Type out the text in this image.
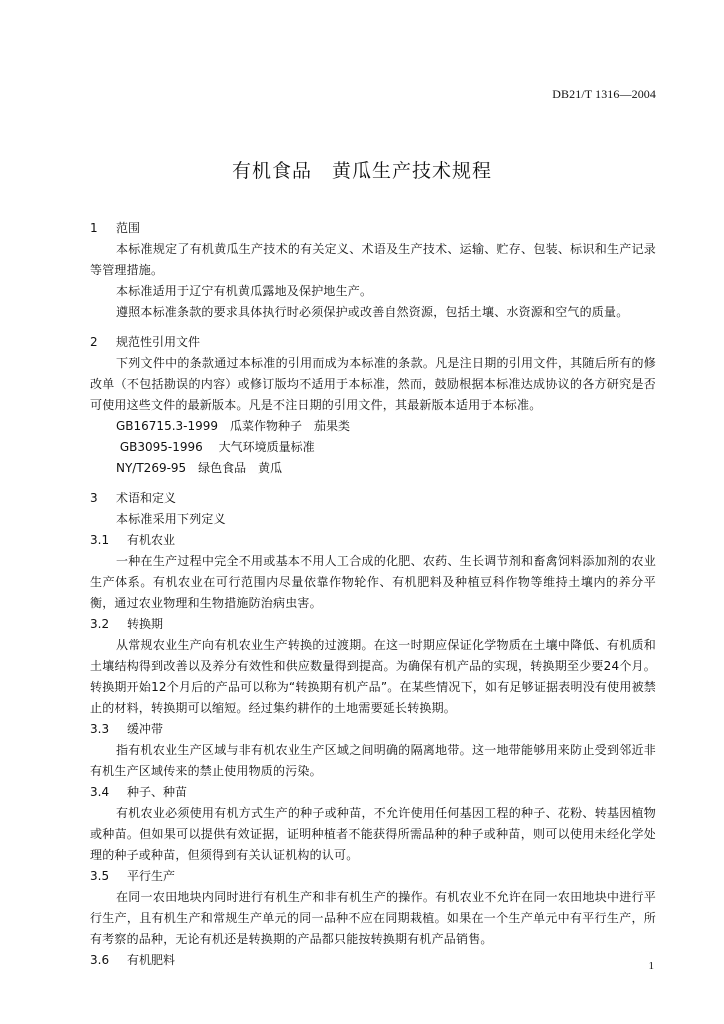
DB21/T 1316—2004
有机食品　黄瓜生产技术规程
1	范围

本标准规定了有机黄瓜生产技术的有关定义、术语及生产技术、运输、贮存、包装、标识和生产记录等管理措施。

本标准适用于辽宁有机黄瓜露地及保护地生产。

遵照本标准条款的要求具体执行时必须保护或改善自然资源，包括土壤、水资源和空气的质量。

2	规范性引用文件

下列文件中的条款通过本标准的引用而成为本标准的条款。凡是注日期的引用文件，其随后所有的修改单（不包括勘误的内容）或修订版均不适用于本标准，然而，鼓励根据本标准达成协议的各方研究是否可使用这些文件的最新版本。凡是不注日期的引用文件，其最新版本适用于本标准。

GB16715.3-1999　瓜菜作物种子　茄果类
GB3095-1996　 大气环境质量标准
NY/T269-95　绿色食品　黄瓜
3	术语和定义

本标准采用下列定义

3.1	有机农业

一种在生产过程中完全不用或基本不用人工合成的化肥、农药、生长调节剂和畜禽饲料添加剂的农业生产体系。有机农业在可行范围内尽量依靠作物轮作、有机肥料及种植豆科作物等维持土壤内的养分平衡，通过农业物理和生物措施防治病虫害。

3.2	转换期

从常规农业生产向有机农业生产转换的过渡期。在这一时期应保证化学物质在土壤中降低、有机质和土壤结构得到改善以及养分有效性和供应数量得到提高。为确保有机产品的实现，转换期至少要24个月。转换期开始12个月后的产品可以称为“转换期有机产品”。在某些情况下，如有足够证据表明没有使用被禁止的材料，转换期可以缩短。经过集约耕作的土地需要延长转换期。

3.3	缓冲带

指有机农业生产区域与非有机农业生产区域之间明确的隔离地带。这一地带能够用来防止受到邻近非有机生产区域传来的禁止使用物质的污染。

3.4	种子、种苗

有机农业必须使用有机方式生产的种子或种苗，不允许使用任何基因工程的种子、花粉、转基因植物或种苗。但如果可以提供有效证据，证明种植者不能获得所需品种的种子或种苗，则可以使用未经化学处理的种子或种苗，但须得到有关认证机构的认可。

3.5	平行生产

在同一农田地块内同时进行有机生产和非有机生产的操作。有机农业不允许在同一农田地块中进行平行生产，且有机生产和常规生产单元的同一品种不应在同期栽植。如果在一个生产单元中有平行生产，所有考察的品种，无论有机还是转换期的产品都只能按转换期有机产品销售。

3.6	有机肥料	1
